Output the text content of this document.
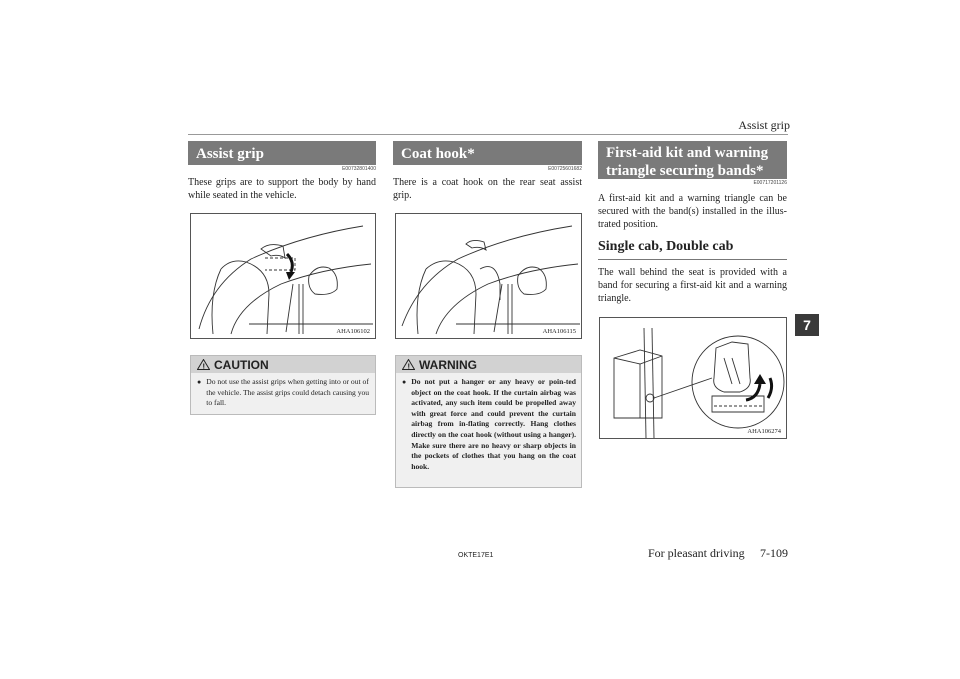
Assist grip
7
Assist grip
E00732801400
These grips are to support the body by hand while seated in the vehicle.
AHA106102
! CAUTION
● Do not use the assist grips when getting into or out of the vehicle. The assist grips could detach causing you to fall.
Coat hook*
E00725601682
There is a coat hook on the rear seat assist grip.
AHA106115
! WARNING
● Do not put a hanger or any heavy or poin-ted object on the coat hook. If the curtain airbag was activated, any such item could be propelled away with great force and could prevent the curtain airbag from in-flating correctly. Hang clothes directly on the coat hook (without using a hanger). Make sure there are no heavy or sharp objects in the pockets of clothes that you hang on the coat hook.
First-aid kit and warning
triangle securing bands*
E00717201126
A first-aid kit and a warning triangle can be secured with the band(s) installed in the illus-trated position.
Single cab, Double cab
The wall behind the seat is provided with a band for securing a first-aid kit and a warning triangle.
AHA106274
OKTE17E1	For pleasant driving 7-109
